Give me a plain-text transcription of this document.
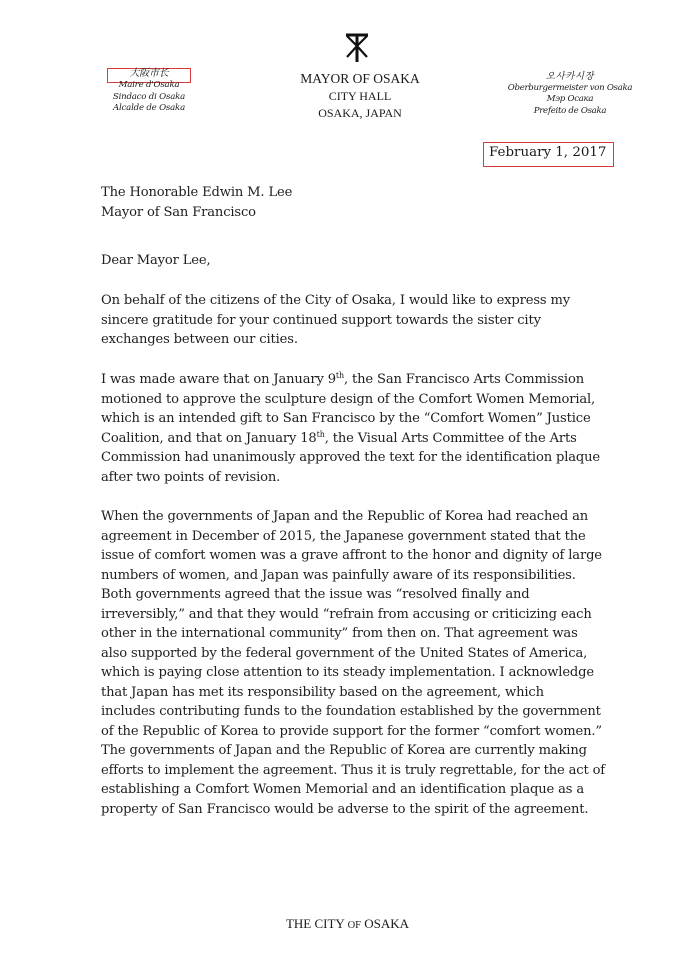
大阪市长
Maire d'Osaka
Sindaco di Osaka
Alcalde de Osaka
MAYOR OF OSAKA
CITY HALL
OSAKA, JAPAN
오사카시장
Oberburgermeister von Osaka
Мэр Осака
Prefeito de Osaka
February 1, 2017
The Honorable Edwin M. Lee
Mayor of San Francisco
Dear Mayor Lee,
On behalf of the citizens of the City of Osaka, I would like to express my
sincere gratitude for your continued support towards the sister city
exchanges between our cities.
I was made aware that on January 9th, the San Francisco Arts Commission
motioned to approve the sculpture design of the Comfort Women Memorial,
which is an intended gift to San Francisco by the “Comfort Women” Justice
Coalition, and that on January 18th, the Visual Arts Committee of the Arts
Commission had unanimously approved the text for the identification plaque
after two points of revision.
When the governments of Japan and the Republic of Korea had reached an
agreement in December of 2015, the Japanese government stated that the
issue of comfort women was a grave affront to the honor and dignity of large
numbers of women, and Japan was painfully aware of its responsibilities.
Both governments agreed that the issue was “resolved finally and
irreversibly,” and that they would “refrain from accusing or criticizing each
other in the international community” from then on. That agreement was
also supported by the federal government of the United States of America,
which is paying close attention to its steady implementation. I acknowledge
that Japan has met its responsibility based on the agreement, which
includes contributing funds to the foundation established by the government
of the Republic of Korea to provide support for the former “comfort women.”
The governments of Japan and the Republic of Korea are currently making
efforts to implement the agreement. Thus it is truly regrettable, for the act of
establishing a Comfort Women Memorial and an identification plaque as a
property of San Francisco would be adverse to the spirit of the agreement.
THE CITY OF OSAKA
